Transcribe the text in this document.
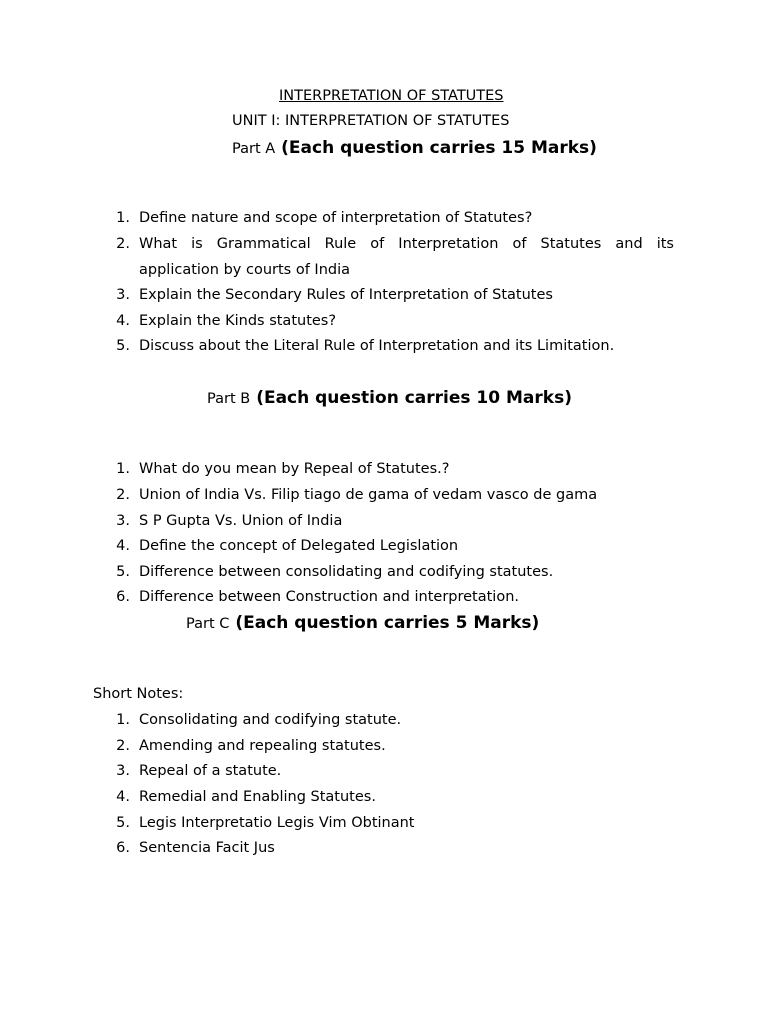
INTERPRETATION OF STATUTES
UNIT I: INTERPRETATION OF STATUTES
Part A (Each question carries 15 Marks)
1. Define nature and scope of interpretation of Statutes?
2. What is Grammatical Rule of Interpretation of Statutes and its
application by courts of India
3. Explain the Secondary Rules of Interpretation of Statutes
4. Explain the Kinds statutes?
5. Discuss about the Literal Rule of Interpretation and its Limitation.
Part B (Each question carries 10 Marks)
1. What do you mean by Repeal of Statutes.?
2. Union of India Vs. Filip tiago de gama of vedam vasco de gama
3. S P Gupta Vs. Union of India
4. Define the concept of Delegated Legislation
5. Difference between consolidating and codifying statutes.
6. Difference between Construction and interpretation.
Part C (Each question carries 5 Marks)
Short Notes:
1. Consolidating and codifying statute.
2. Amending and repealing statutes.
3. Repeal of a statute.
4. Remedial and Enabling Statutes.
5. Legis Interpretatio Legis Vim Obtinant
6. Sentencia Facit Jus
